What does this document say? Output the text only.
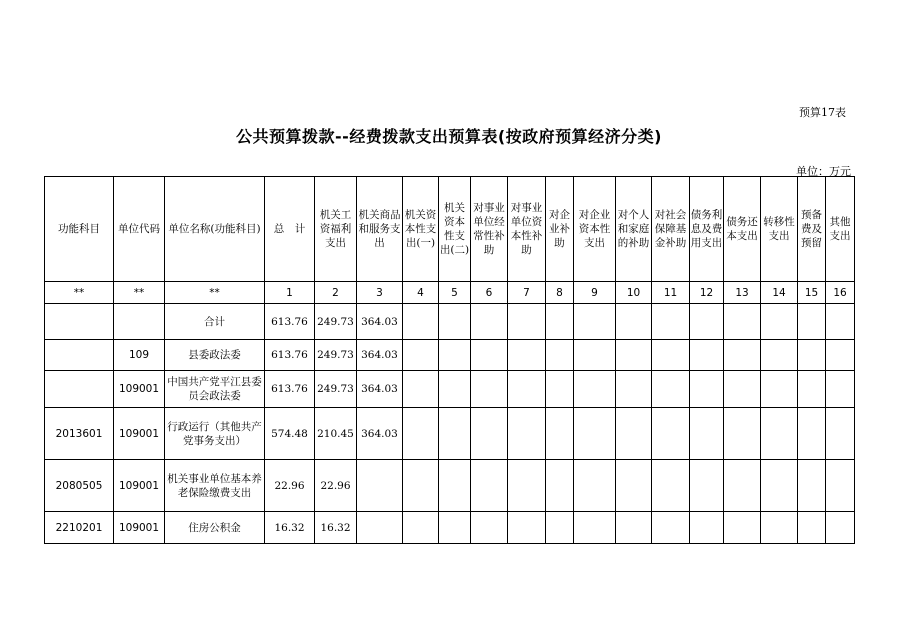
预算17表
公共预算拨款--经费拨款支出预算表(按政府预算经济分类)
单位：万元
功能科目	单位代码	单位名称(功能科目)	总　计	机关工资福利支出	机关商品和服务支出	机关资本性支出(一)	机关资本性支出(二)	对事业单位经常性补助	对事业单位资本性补助	对企业补助	对企业资本性支出	对个人和家庭的补助	对社会保障基金补助	债务利息及费用支出	债务还本支出	转移性支出	预备费及预留	其他支出
**	**	**	1	2	3	4	5	6	7	8	9	10	11	12	13	14	15	16
		合计	613.76	249.73	364.03													
	109	县委政法委	613.76	249.73	364.03													
	109001	中国共产党平江县委员会政法委	613.76	249.73	364.03													
2013601	109001	行政运行（其他共产党事务支出）	574.48	210.45	364.03													
2080505	109001	机关事业单位基本养老保险缴费支出	22.96	22.96														
2210201	109001	住房公积金	16.32	16.32														
